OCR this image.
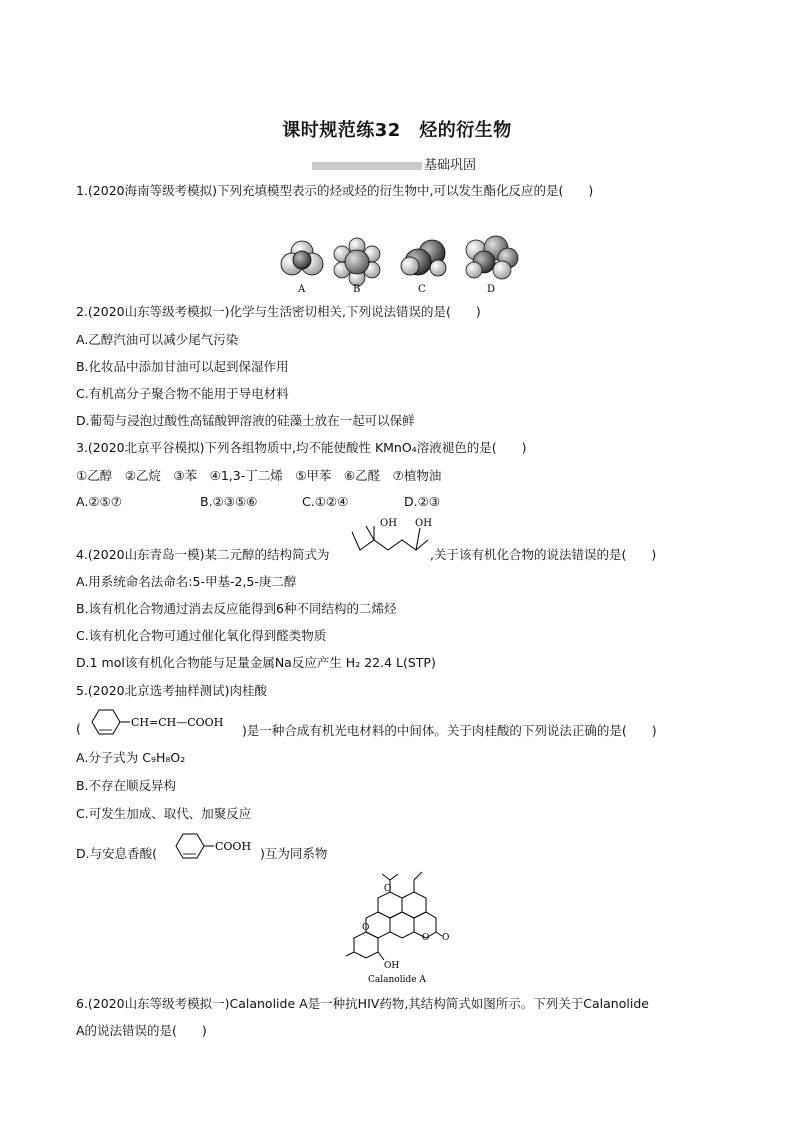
课时规范练32　烃的衍生物
基础巩固
1.(2020海南等级考模拟)下列充填模型表示的烃或烃的衍生物中,可以发生酯化反应的是(　　)
A	B	C	D
2.(2020山东等级考模拟一)化学与生活密切相关,下列说法错误的是(　　)
A.乙醇汽油可以减少尾气污染
B.化妆品中添加甘油可以起到保湿作用
C.有机高分子聚合物不能用于导电材料
D.葡萄与浸泡过酸性高锰酸钾溶液的硅藻土放在一起可以保鲜
3.(2020北京平谷模拟)下列各组物质中,均不能使酸性 KMnO₄溶液褪色的是(　　)
①乙醇　②乙烷　③苯　④1,3-丁二烯　⑤甲苯　⑥乙醛　⑦植物油
A.②⑤⑦	B.②③⑤⑥	C.①②④	D.②③
4.(2020山东青岛一模)某二元醇的结构简式为
OH OH
,关于该有机化合物的说法错误的是(　　)
A.用系统命名法命名:5-甲基-2,5-庚二醇
B.该有机化合物通过消去反应能得到6种不同结构的二烯烃
C.该有机化合物可通过催化氧化得到醛类物质
D.1 mol该有机化合物能与足量金属Na反应产生 H₂ 22.4 L(STP)
5.(2020北京选考抽样测试)肉桂酸
(	CH=CH—COOH
)是一种合成有机光电材料的中间体。关于肉桂酸的下列说法正确的是(　　)
A.分子式为 C₉H₈O₂
B.不存在顺反异构
C.可发生加成、取代、加聚反应
D.与安息香酸(	COOH )互为同系物
O
O
O O
OH
Calanolide A
6.(2020山东等级考模拟一)Calanolide A是一种抗HIV药物,其结构简式如图所示。下列关于Calanolide
A的说法错误的是(　　)
